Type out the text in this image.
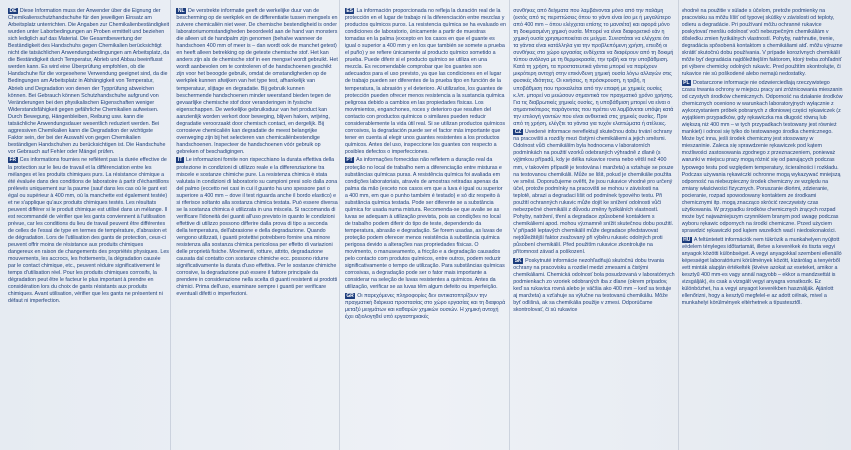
DE Diese Information muss der Anwender über die Eignung der Chemikalienschutzhandschuhe für den jeweiligen Einsatz am Arbeitsplatz unterrichten. Die Angaben zur Chemikalienbeständigkeit wurden unter Laborbedingungen an Proben ermittelt und beziehen sich lediglich auf das Material. Die Gesamtbewertung der Beständigkeit des Handschuhs gegen Chemikalien berücksichtigt nicht die tatsächlichen Anwendungsbedingungen am Arbeitsplatz, da die Beständigkeit durch Temperatur, Abrieb und Abbau beeinflusst werden kann. Es wird eine Überprüfung empfohlen, ob die Handschuhe für die vorgesehene Verwendung geeignet sind, da die Bedingungen am Arbeitsplatz in Abhängigkeit von Temperatur, Abrieb und Degradation von denen der Typprüfung abweichen können. Bei Gebrauch können Schutzhandschuhe aufgrund von Veränderungen bei den physikalischen Eigenschaften weniger Widerstandsfähigkeit gegen gefährliche Chemikalien aufweisen. Durch Bewegung, Hängenbleiben, Reibung usw. kann die tatsächliche Anwendungsdauer wesentlich reduziert werden. Bei aggressiven Chemikalien kann die Degradation der wichtigste Faktor sein, der bei der Auswahl von gegen Chemikalien beständigen Handschuhen zu berücksichtigen ist. Die Handschuhe vor Gebrauch auf Fehler oder Mängel prüfen.
FR Ces informations fournies ne reflètent pas la durée effective de la protection sur le lieu de travail et la différenciation entre les mélanges et les produits chimiques purs. La résistance chimique a été évaluée dans des conditions de laboratoire à partir d'échantillons prélevés uniquement sur la paume (sauf dans les cas où le gant est égal ou supérieur à 400 mm, où la manchette est également testée) et ne s'applique qu'aux produits chimiques testés. Les résultats peuvent différer si le produit chimique est utilisé dans un mélange. Il est recommandé de vérifier que les gants conviennent à l'utilisation prévue, car les conditions du lieu de travail peuvent être différentes de celles de l'essai de type en termes de température, d'abrasion et de dégradation. Lors de l'utilisation des gants de protection, ceux-ci peuvent offrir moins de résistance aux produits chimiques dangereux en raison de changements des propriétés physiques. Les mouvements, les accrocs, les frottements, la dégradation causée par le contact chimique, etc., peuvent réduire significativement le temps d'utilisation réel. Pour les produits chimiques corrosifs, la dégradation peut être le facteur le plus important à prendre en considération lors du choix de gants résistants aux produits chimiques. Avant utilisation, vérifier que les gants ne présentent ni défaut ni imperfection.
NL De verstrekte informatie geeft de werkelijke duur van de bescherming op de werkplek en de differentiatie tussen mengsels en zuivere chemicaliën niet weer. De chemische bestendigheid is onder laboratoriumomstandigheden beoordeeld aan de hand van monsters die alleen uit de handpalm zijn genomen (behalve wanneer de handschoen 400 mm of meer is – dan wordt ook de manchet getest) en heeft alleen betrekking op de geteste chemische stof. Het kan anders zijn als de chemische stof in een mengsel wordt gebruikt. Het wordt aanbevolen om te controleren of de handschoenen geschikt zijn voor het beoogde gebruik, omdat de omstandigheden op de werkplek kunnen afwijken van het type test, afhankelijk van temperatuur, slijtage en degradatie. Bij gebruik kunnen beschermende handschoenen minder weerstand bieden tegen de gevaarlijke chemische stof door veranderingen in fysische eigenschappen. De werkelijke gebruiksduur van het product kan aanzienlijk worden verkort door beweging, blijven haken, wrijving, degradatie veroorzaakt door chemisch contact, en dergelijk. Bij corrosieve chemicaliën kan degradatie de meest belangrijke overweging zijn bij het selecteren van chemicaliënbestendige handschoenen. Inspecteer de handschoenen vóór gebruik op gebreken of beschadigingen.
IT Le informazioni fornite non rispecchiano la durata effettiva della protezione in condizioni di utilizzo reale e la differenziazione tra miscele e sostanze chimiche pure. La resistenza chimica è stata valutata in condizioni di laboratorio su campioni presi solo dalla zona del palmo (eccetto nei casi in cui il guanto ha uno spessore pari o superiore a 400 mm – dove il test riguarda anche il bordo elastico) e si riferisce soltanto alla sostanza chimica testata. Può essere diversa se la sostanza chimica è utilizzata in una miscela. Si raccomanda di verificare l'idoneità dei guanti all'uso previsto in quanto le condizioni effettive di utilizzo possono differire dalla prova di tipo a seconda della temperatura, dell'abrasione e della degradazione. Quando vengono utilizzati, i guanti protettivi potrebbero fornire una minore resistenza alla sostanza chimica pericolosa per effetto di variazioni delle proprietà fisiche. Movimenti, rotture, attrito, degradazione causata dal contatto con sostanze chimiche ecc. possono ridurre significativamente la durata d'uso effettiva. Per le sostanze chimiche corrosive, la degradazione può essere il fattore principale da prendere in considerazione nella scelta di guanti resistenti ai prodotti chimici. Prima dell'uso, esaminare sempre i guanti per verificare eventuali difetti o imperfezioni.
ES La información proporcionada no refleja la duración real de la protección en el lugar de trabajo ni la diferenciación entre mezclas y productos químicos puros. La resistencia química se ha evaluado en condiciones de laboratorio, únicamente a partir de muestras tomadas en la palma (excepto en los casos en que el guante es igual o superior a 400 mm y en los que también se somete a prueba el puño) y se refiere únicamente al producto químico sometido a prueba. Puede diferir si el producto químico se utiliza en una mezcla. Es recomendable comprobar que los guantes son adecuados para el uso previsto, ya que las condiciones en el lugar de trabajo pueden ser diferentes de la prueba tipo en función de la temperatura, la abrasión y el deterioro. Al utilizarlos, los guantes de protección pueden ofrecer menos resistencia a la sustancia química peligrosa debido a cambios en las propiedades físicas. Los movimientos, enganchones, roces y deterioro que resulten del contacto con productos químicos o similares pueden reducir considerablemente la vida útil real. Si se utilizan productos químicos corrosivos, la degradación puede ser el factor más importante que tener en cuenta al elegir unos guantes resistentes a los productos químicos. Antes del uso, inspeccione los guantes con respecto a posibles defectos o imperfecciones.
PT As informações fornecidas não refletem a duração real da proteção no local de trabalho nem a diferenciação entre misturas e substâncias químicas puras. A resistência química foi avaliada em condições laboratoriais, através de amostras retiradas apenas da palma da mão (exceto nos casos em que a luva é igual ou superior a 400 mm, em que o punho também é testado) e só diz respeito à substância química testada. Pode ser diferente se a substância química for usada numa mistura. Recomenda-se que avalie se as luvas se adequam à utilização prevista, pois as condições no local de trabalho podem diferir do tipo de teste, dependendo da temperatura, abrasão e degradação. Se forem usadas, as luvas de proteção podem oferecer menos resistência à substância química perigosa devido a alterações nas propriedades físicas. O movimento, o manuseamento, a fricção e a degradação causados pelo contacto com produtos químicos, entre outros, podem reduzir significativamente o tempo de utilização. Para substâncias químicas corrosivas, a degradação pode ser o fator mais importante a considerar na seleção de luvas resistentes a químicos. Antes da utilização, verificar se as luvas têm algum defeito ou imperfeição.
GR Οι παρεχόμενες πληροφορίες δεν αντικατοπτρίζουν την πραγματική διάρκεια προστασίας στο χώρο εργασίας και τη διαφορά μεταξύ μειγμάτων και καθαρών χημικών ουσιών. Η χημική αντοχή έχει αξιολογηθεί υπό εργαστηριακές
συνθήκες από δείγματα που λαμβάνονται μόνο από την παλάμη (εκτός από τις περιπτώσεις όπου το γάντι είναι ίσο με ή μεγαλύτερο από 400 mm – όπου ελέγχεται επίσης το μανσέτα) και αφορά μόνο τη δοκιμασμένη χημική ουσία. Μπορεί να είναι διαφορετικό εάν η χημική ουσία χρησιμοποιείται σε μείγμα. Συνιστάται να ελέγχετε ότι τα γάντια είναι κατάλληλα για την προβλεπόμενη χρήση, επειδή οι συνθήκες στο χώρο εργασίας ενδέχεται να διαφέρουν από τη δοκιμή τύπου ανάλογα με τη θερμοκρασία, την τριβή και την υποβάθμιση. Κατά τη χρήση, τα προστατευτικά γάντια μπορεί να παρέχουν μικρότερη αντοχή στην επικίνδυνη χημική ουσία λόγω αλλαγών στις φυσικές ιδιότητες. Οι κινήσεις, η πρόσκρουση, η τριβή, η υποβάθμιση που προκαλείται από την επαφή με χημικές ουσίες κ.λπ. μπορεί να μειώσουν σημαντικά τον πραγματικό χρόνο χρήσης. Για τις διαβρωτικές χημικές ουσίες, η υποβάθμιση μπορεί να είναι ο σημαντικότερος παράγοντας που πρέπει να λαμβάνεται υπόψη κατά την επιλογή γαντιών που είναι ανθεκτικά στις χημικές ουσίες. Πριν από τη χρήση, ελέγξτε τα γάντια για τυχόν ελαττώματα ή ατέλειες.
CZ Uvedené informace nereflektují skutečnou dobu trvání ochrany na pracovišti a rozdíly mezi čistými chemikáliemi a jejich směsmi. Odolnost vůči chemikáliím byla hodnocena v laboratorních podmínkách na použití vzorků odebraných výhradně z dlaně (s výjimkou případů, kdy je délka rukavice rovna nebo větší než 400 mm, v takovém případě je testována i manžeta) a vztahuje se pouze na testovanou chemikálii. Může se lišit, pokud je chemikálie použita ve směsi. Doporučujeme ověřit, že jsou rukavice vhodné pro určený účel, protože podmínky na pracovišti se mohou v závislosti na teplotě, abrazi a degradaci lišit od podmínek typového testu. Při použití ochranných rukavic může dojít ke snížení odolnosti vůči nebezpečné chemikálii z důvodu změny fyzikálních vlastností. Pohyby, natržení, tření a degradace způsobené kontaktem s chemikáliemi apod. mohou významně snížit skutečnou dobu použití. V případě leptavých chemikálií může degradace představovat nejdůležitější faktor zvažovaný při výběru rukavic odolných proti působení chemikálií. Před použitím rukavice zkontrolujte na přítomnost závad a poškození.
SK Poskytnuté informácie nezohľadňujú skutočnú dobu trvania ochrany na pracovisku a rozdiel medzi zmesami a čistými chemikáliami. Chemická odolnosť bola posudzovaná v laboratórnych podmienkach zo vzoriek odobraných iba z dlane (okrem prípadov, keď sa rukavica rovná alebo je väčšia ako 400 mm – keď sa testuje aj manžeta) a vzťahuje sa výlučne na testovanú chemikáliu. Môže byť odlišná, ak sa chemikália použije v zmesi. Odporúčame skontrolovať, či sú rukavice
vhodné na použitie v súlade s účelom, pretože podmienky na pracovisku sa môžu líšiť od typovej skúšky v závislosti od teploty, odieru a degradácie. Pri používaní môžu ochranné rukavice poskytovať menšiu odolnosť voči nebezpečným chemikáliám v dôsledku zmien fyzikálnych vlastností. Pohyby, natrhnutie, trenie, degradácia spôsobená kontaktom s chemikáliami atď. môžu výrazne skrátiť skutočnú dobu používania. V prípade korozívnych chemikálií môže byť degradácia najdôležitejším faktorom, ktorý treba zohľadniť pri výbere chemicky odolných rukavíc. Pred použitím skontrolujte, či rukavice nie sú poškodené alebo nemajú nedostatky.
PL Dostarczone informacje nie odzwierciedlają rzeczywistego czasu trwania ochrony w miejscu pracy ani zróżnicowania mieszanin od czystych środków chemicznych. Odporność na działanie środków chemicznych oceniono w warunkach laboratoryjnych wyłącznie z wykorzystaniem próbek pobranych z dłoniowej części rękawiczek (z wyjątkiem przypadków, gdy rękawiczka ma długość równą lub większą niż 400 mm – w tych przypadkach testowany jest również mankiet) i odnosi się tylko do testowanego środka chemicznego. Może być inna, jeśli środek chemiczny jest stosowany w mieszaninie. Zaleca się sprawdzenie rękawiczek pod kątem możliwości zastosowania zgodnego z przeznaczeniem, ponieważ warunki w miejscu pracy mogą różnić się od panujących podczas typowego testu pod względem temperatury, ścieralności i rozkładu. Podczas używania rękawiczki ochronne mogą wykazywać mniejszą odporność na niebezpieczny środek chemiczny ze względu na zmiany właściwości fizycznych. Poruszanie dłońmi, zdzieranie, pocieranie, rozpad spowodowany kontaktem ze środkami chemicznymi itp. mogą znacząco skrócić rzeczywisty czas użytkowania. W przypadku środków chemicznych żrących rozpad może być najważniejszym czynnikiem branym pod uwagę podczas wyboru rękawic odpornych na środki chemiczne. Przed użyciem sprawdzić rękawiczki pod kątem wszelkich wad i niedoskonałości.
HU A feltüntetett információk nem tükrözik a munkahelyen nyújtott védelem tényleges időtartamát, illetve a keverékek és tiszta vegyi anyagok közötti különbséget. A vegyi anyagokkal szembeni ellenálló képességet laboratóriumi körülmények között, kizárólag a tenyérből vett minták alapján értékelték (kivéve azokat az eseteket, amikor a kesztyű 400 mm-es vagy annál nagyobb – ekkor a mandzsettát is vizsgálják), és csak a vizsgált vegyi anyagra vonatkozik. Ez különbözhet, ha a vegyi anyagot keverékben használják. Ajánlott ellenőrizni, hogy a kesztyű megfelel-e az adott célnak, mivel a munkahelyi körülmények eltérhetnek a típustesztől.
